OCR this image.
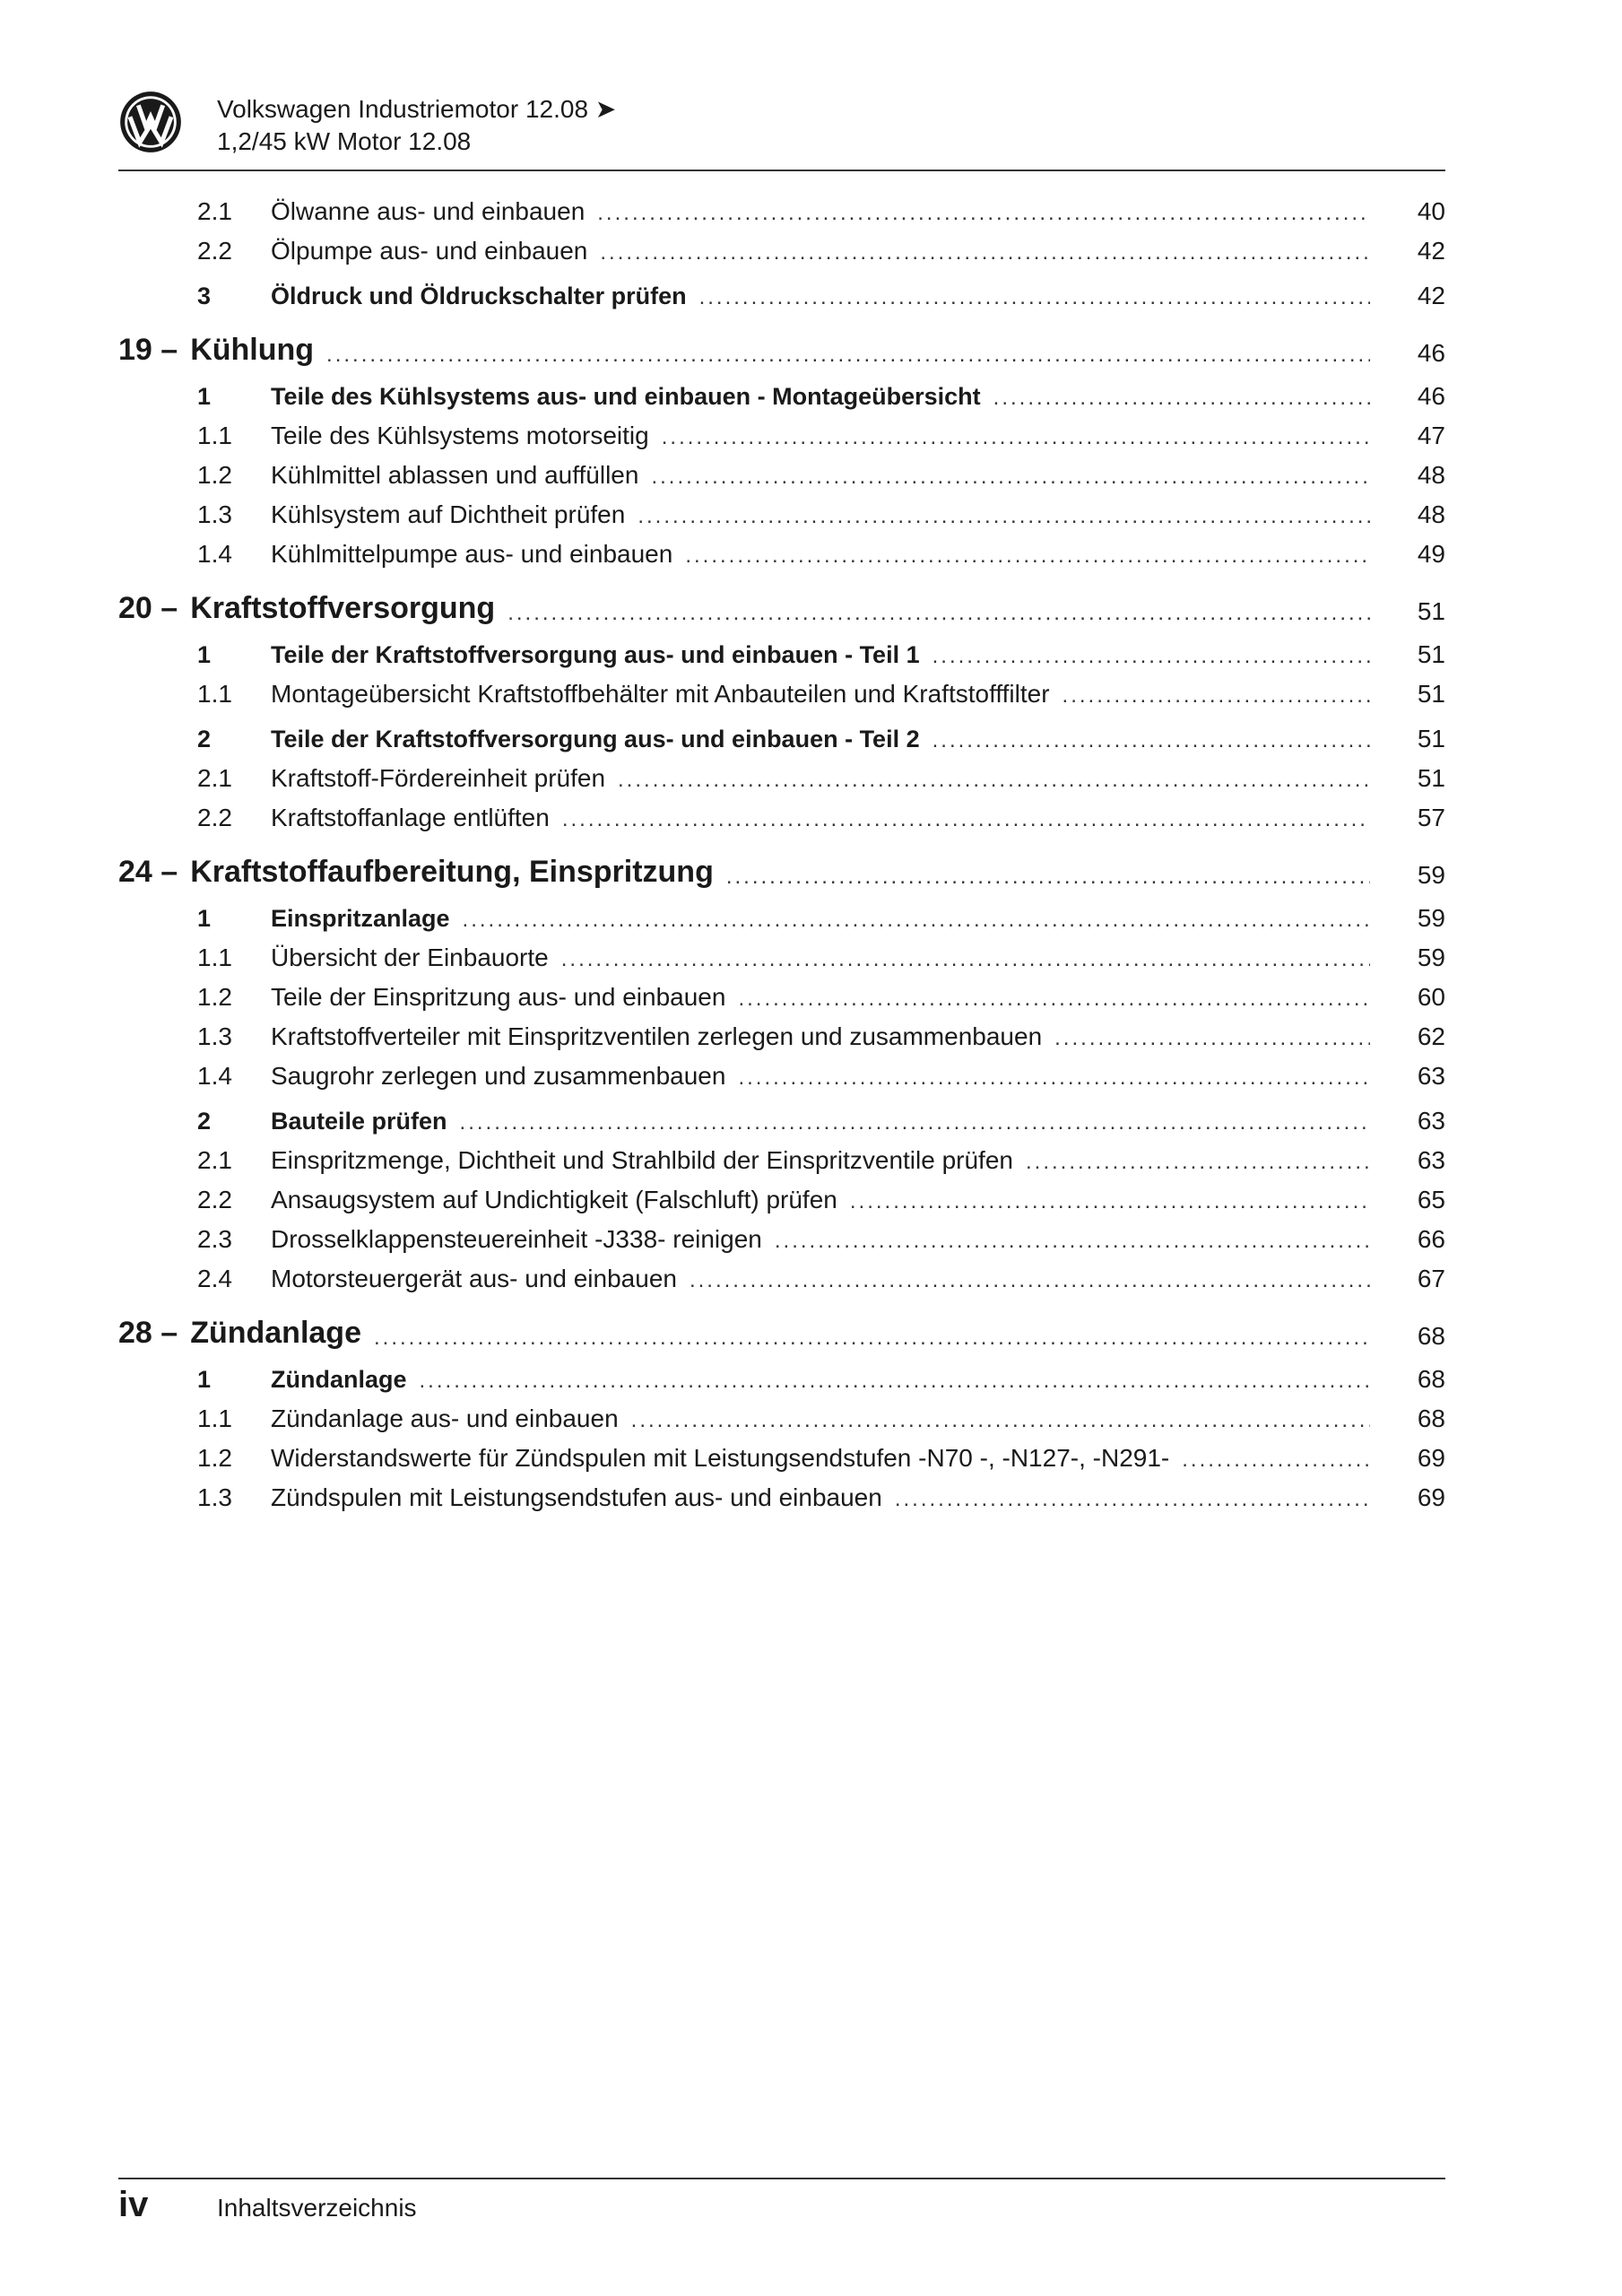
Volkswagen Industriemotor 12.08 ➤
1,2/45 kW Motor 12.08
2.1	Ölwanne aus- und einbauen .....	40
2.2	Ölpumpe aus- und einbauen .....	42
3	Öldruck und Öldruckschalter prüfen .....	42
19 – Kühlung .....	46
1	Teile des Kühlsystems aus- und einbauen - Montageübersicht .....	46
1.1	Teile des Kühlsystems motorseitig .....	47
1.2	Kühlmittel ablassen und auffüllen .....	48
1.3	Kühlsystem auf Dichtheit prüfen .....	48
1.4	Kühlmittelpumpe aus- und einbauen .....	49
20 – Kraftstoffversorgung .....	51
1	Teile der Kraftstoffversorgung aus- und einbauen - Teil 1 .....	51
1.1	Montageübersicht Kraftstoffbehälter mit Anbauteilen und Kraftstofffilter .....	51
2	Teile der Kraftstoffversorgung aus- und einbauen - Teil 2 .....	51
2.1	Kraftstoff-Fördereinheit prüfen .....	51
2.2	Kraftstoffanlage entlüften .....	57
24 – Kraftstoffaufbereitung, Einspritzung .....	59
1	Einspritzanlage .....	59
1.1	Übersicht der Einbauorte .....	59
1.2	Teile der Einspritzung aus- und einbauen .....	60
1.3	Kraftstoffverteiler mit Einspritzventilen zerlegen und zusammenbauen .....	62
1.4	Saugrohr zerlegen und zusammenbauen .....	63
2	Bauteile prüfen .....	63
2.1	Einspritzmenge, Dichtheit und Strahlbild der Einspritzventile prüfen .....	63
2.2	Ansaugsystem auf Undichtigkeit (Falschluft) prüfen .....	65
2.3	Drosselklappensteuereinheit -J338- reinigen .....	66
2.4	Motorsteuergerät aus- und einbauen .....	67
28 – Zündanlage .....	68
1	Zündanlage .....	68
1.1	Zündanlage aus- und einbauen .....	68
1.2	Widerstandswerte für Zündspulen mit Leistungsendstufen -N70 -, -N127-, -N291- .....	69
1.3	Zündspulen mit Leistungsendstufen aus- und einbauen .....	69
iv	Inhaltsverzeichnis
